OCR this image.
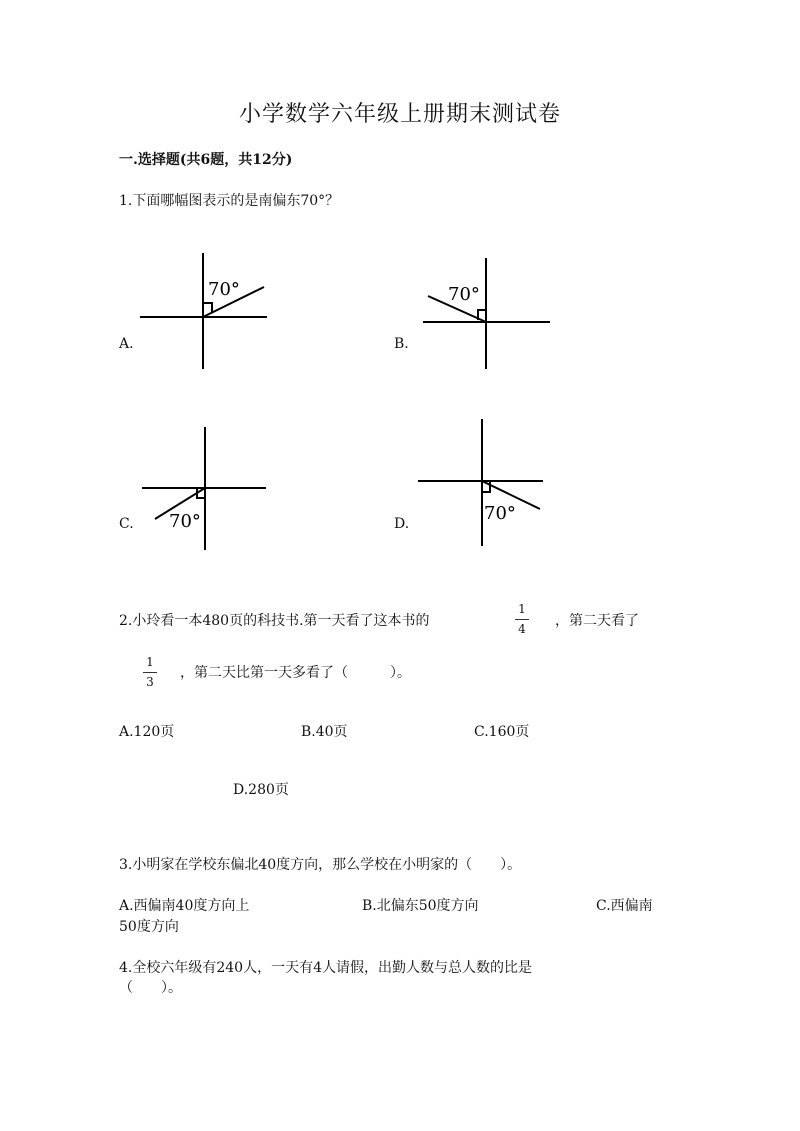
小学数学六年级上册期末测试卷
一.选择题(共6题，共12分)
1.下面哪幅图表示的是南偏东70°？
70°
A.
70°
B.
70°
C.	70°
D.
2.小玲看一本480页的科技书.第一天看了这本书的
1
4 ，第二天看了
1
3
，第二天比第一天多看了（　　　）。
A.120页	B.40页	C.160页
D.280页
3.小明家在学校东偏北40度方向，那么学校在小明家的（　　）。
A.西偏南40度方向上	B.北偏东50度方向	C.西偏南
50度方向
4.全校六年级有240人，一天有4人请假，出勤人数与总人数的比是
（　　）。
